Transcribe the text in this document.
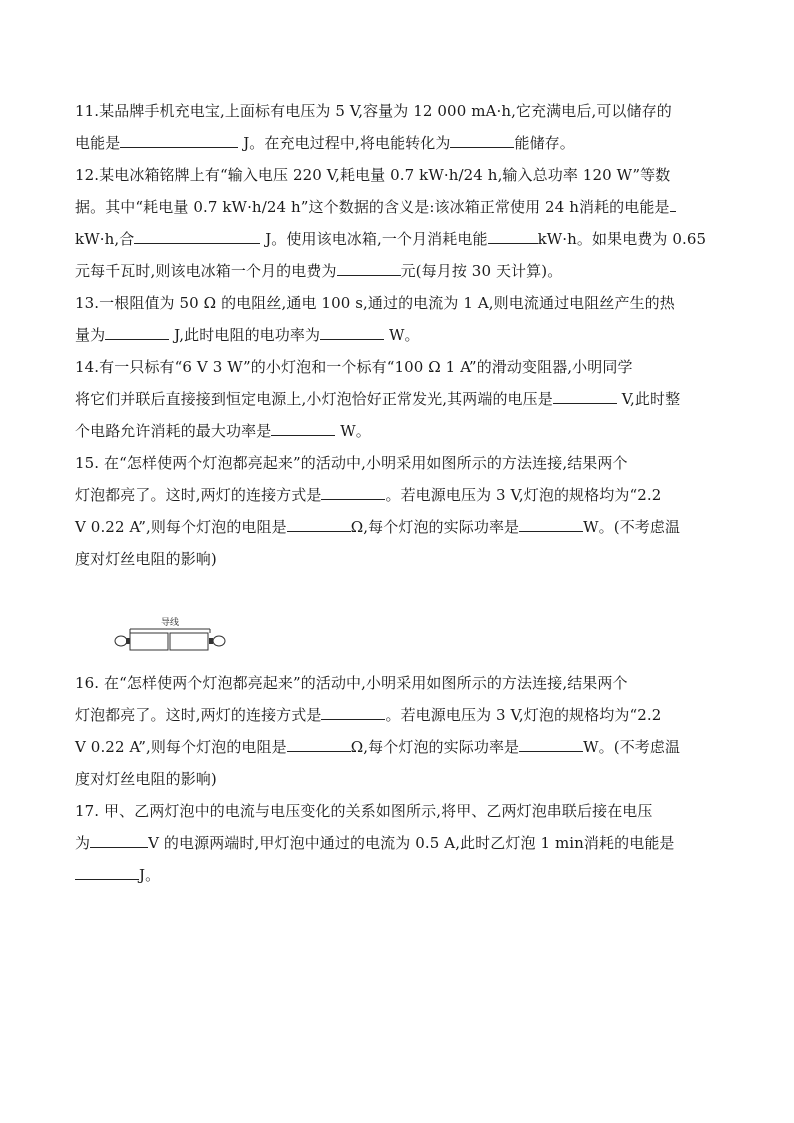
11.某品牌手机充电宝,上面标有电压为 5 V,容量为 12 000 mA·h,它充满电后,可以储存的
电能是	J。在充电过程中,将电能转化为	能储存。
12.某电冰箱铭牌上有“输入电压 220 V,耗电量 0.7 kW·h/24 h,输入总功率 120 W”等数
据。其中“耗电量 0.7 kW·h/24 h”这个数据的含义是:该冰箱正常使用 24 h消耗的电能是
kW·h,合	J。使用该电冰箱,一个月消耗电能	kW·h。如果电费为 0.65
元每千瓦时,则该电冰箱一个月的电费为	元(每月按 30 天计算)。
13.一根阻值为 50 Ω 的电阻丝,通电 100 s,通过的电流为 1 A,则电流通过电阻丝产生的热
量为	J,此时电阻的电功率为	W。
14.有一只标有“6 V 3 W”的小灯泡和一个标有“100 Ω 1 A”的滑动变阻器,小明同学
将它们并联后直接接到恒定电源上,小灯泡恰好正常发光,其两端的电压是	V,此时整
个电路允许消耗的最大功率是	W。
15. 在“怎样使两个灯泡都亮起来”的活动中,小明采用如图所示的方法连接,结果两个
灯泡都亮了。这时,两灯的连接方式是	。若电源电压为 3 V,灯泡的规格均为“2.2
V 0.22 A”,则每个灯泡的电阻是	Ω,每个灯泡的实际功率是	W。(不考虑温
度对灯丝电阻的影响)
导线
16. 在“怎样使两个灯泡都亮起来”的活动中,小明采用如图所示的方法连接,结果两个
灯泡都亮了。这时,两灯的连接方式是	。若电源电压为 3 V,灯泡的规格均为“2.2
V 0.22 A”,则每个灯泡的电阻是	Ω,每个灯泡的实际功率是	W。(不考虑温
度对灯丝电阻的影响)
17. 甲、乙两灯泡中的电流与电压变化的关系如图所示,将甲、乙两灯泡串联后接在电压
为	V 的电源两端时,甲灯泡中通过的电流为 0.5 A,此时乙灯泡 1 min消耗的电能是
J。
